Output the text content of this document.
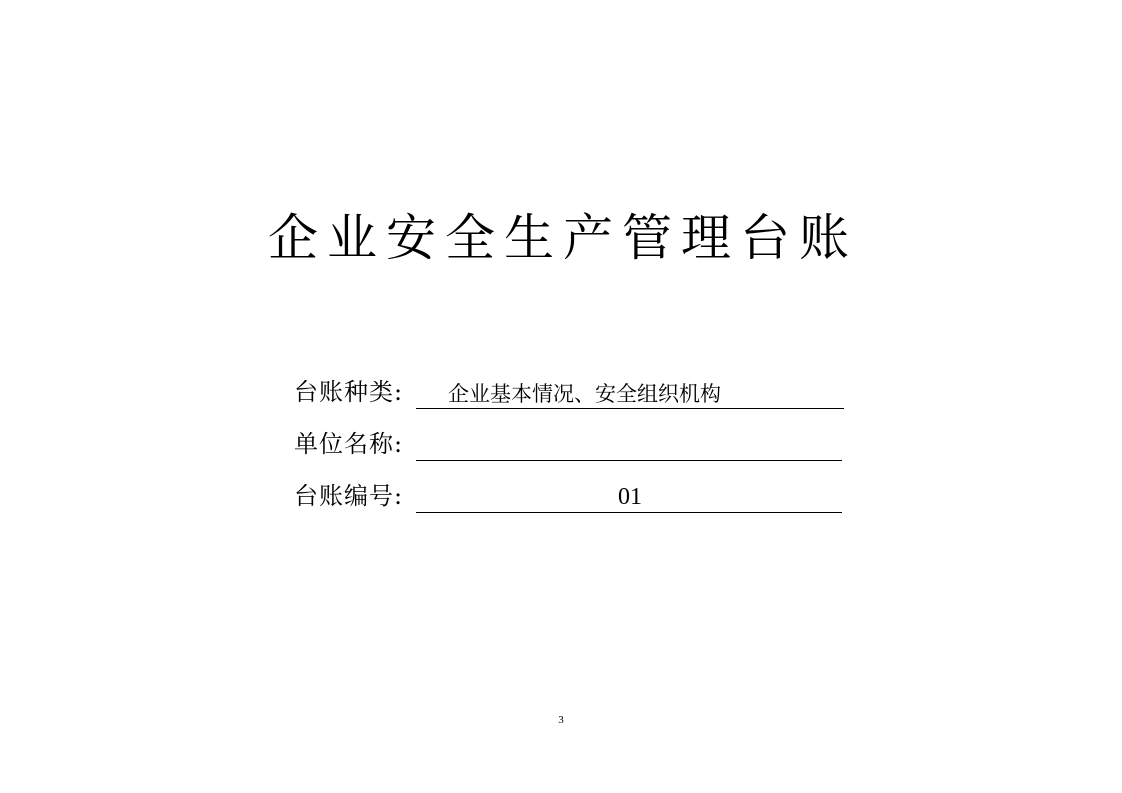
企业安全生产管理台账
台账种类:	企业基本情况、安全组织机构
单位名称:
台账编号:	01
3
